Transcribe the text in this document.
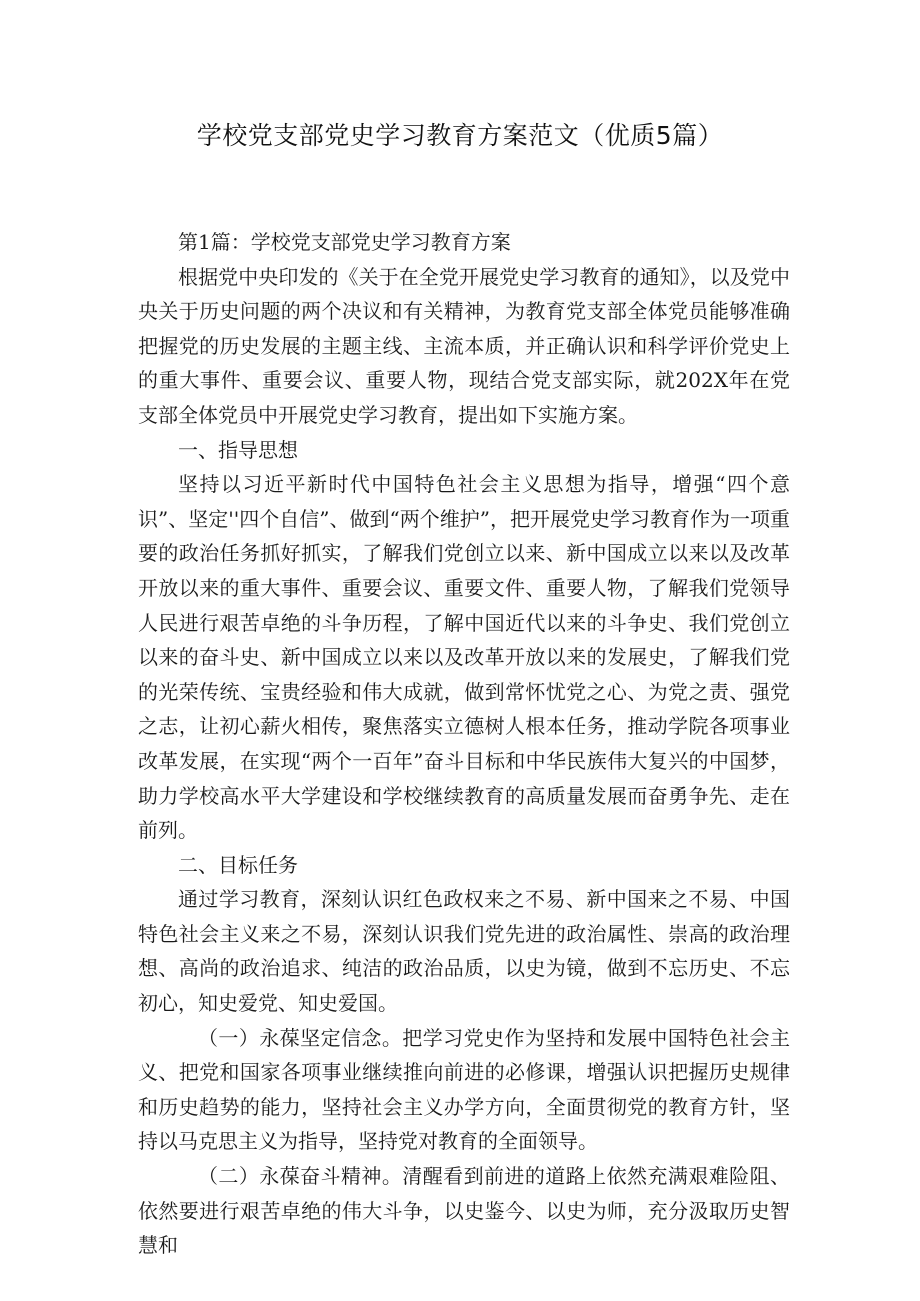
学校党支部党史学习教育方案范文（优质5篇）

第1篇：学校党支部党史学习教育方案

根据党中央印发的《关于在全党开展党史学习教育的通知》，以及党中央关于历史问题的两个决议和有关精神，为教育党支部全体党员能够准确把握党的历史发展的主题主线、主流本质，并正确认识和科学评价党史上的重大事件、重要会议、重要人物，现结合党支部实际，就202X年在党支部全体党员中开展党史学习教育，提出如下实施方案。

一、指导思想

坚持以习近平新时代中国特色社会主义思想为指导，增强“四个意识”、坚定''四个自信”、做到“两个维护”，把开展党史学习教育作为一项重要的政治任务抓好抓实，了解我们党创立以来、新中国成立以来以及改革开放以来的重大事件、重要会议、重要文件、重要人物，了解我们党领导人民进行艰苦卓绝的斗争历程，了解中国近代以来的斗争史、我们党创立以来的奋斗史、新中国成立以来以及改革开放以来的发展史，了解我们党的光荣传统、宝贵经验和伟大成就，做到常怀忧党之心、为党之责、强党之志，让初心薪火相传，聚焦落实立德树人根本任务，推动学院各项事业改革发展，在实现“两个一百年”奋斗目标和中华民族伟大复兴的中国梦，助力学校高水平大学建设和学校继续教育的高质量发展而奋勇争先、走在前列。

二、目标任务

通过学习教育，深刻认识红色政权来之不易、新中国来之不易、中国特色社会主义来之不易，深刻认识我们党先进的政治属性、崇高的政治理想、高尚的政治追求、纯洁的政治品质，以史为镜，做到不忘历史、不忘初心，知史爱党、知史爱国。

（一）永葆坚定信念。把学习党史作为坚持和发展中国特色社会主义、把党和国家各项事业继续推向前进的必修课，增强认识把握历史规律和历史趋势的能力，坚持社会主义办学方向，全面贯彻党的教育方针，坚持以马克思主义为指导，坚持党对教育的全面领导。

（二）永葆奋斗精神。清醒看到前进的道路上依然充满艰难险阻、依然要进行艰苦卓绝的伟大斗争，以史鉴今、以史为师，充分汲取历史智慧和
